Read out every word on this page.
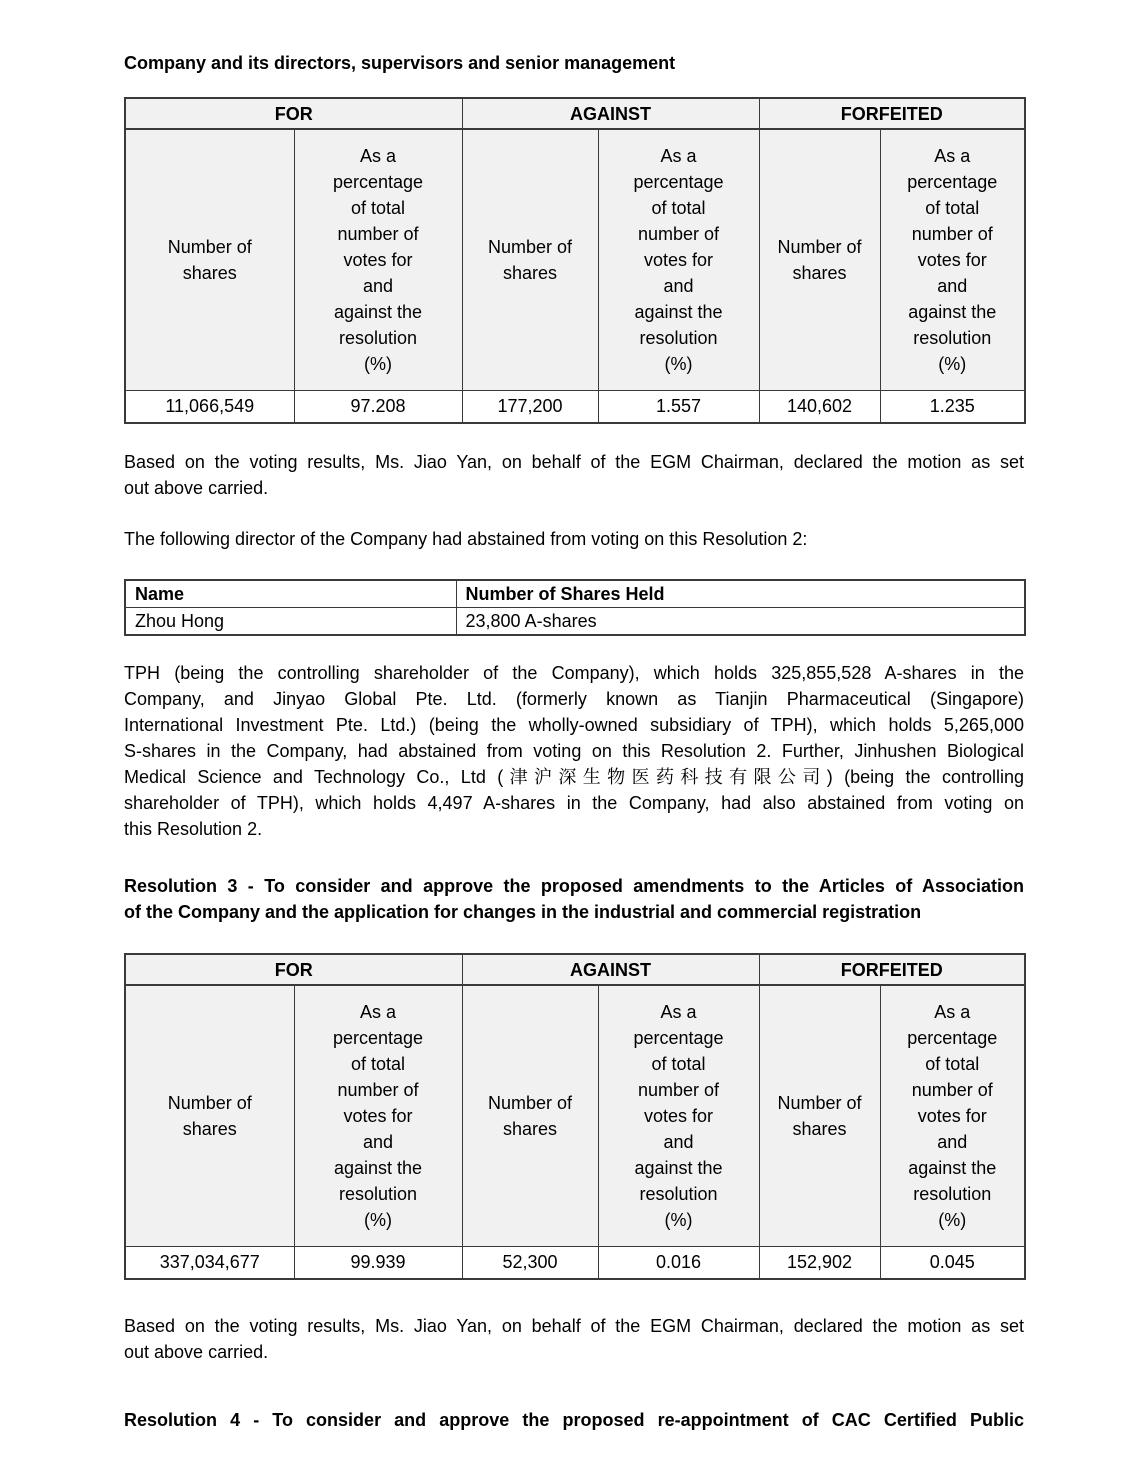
Company and its directors, supervisors and senior management
FOR		AGAINST		FORFEITED	

Number of
shares

As a
percentage
of total
number of
votes for
and
against the
resolution
(%)

Number of
shares

As a
percentage
of total
number of
votes for
and
against the
resolution
(%)

Number of
shares

As a
percentage
of total
number of
votes for
and
against the
resolution
(%)

11,066,549	97.208	177,200	1.557	140,602	1.235
Based on the voting results, Ms. Jiao Yan, on behalf of the EGM Chairman, declared the motion as set
out above carried.
The following director of the Company had abstained from voting on this Resolution 2:
Name	Number of Shares Held
Zhou Hong	23,800 A-shares
TPH (being the controlling shareholder of the Company), which holds 325,855,528 A-shares in the
Company, and Jinyao Global Pte. Ltd. (formerly known as Tianjin Pharmaceutical (Singapore)
International Investment Pte. Ltd.) (being the wholly-owned subsidiary of TPH), which holds 5,265,000
S-shares in the Company, had abstained from voting on this Resolution 2. Further, Jinhushen Biological
Medical Science and Technology Co., Ltd (津沪深生物医药科技有限公司) (being the controlling
shareholder of TPH), which holds 4,497 A-shares in the Company, had also abstained from voting on
this Resolution 2.
Resolution 3 - To consider and approve the proposed amendments to the Articles of Association
of the Company and the application for changes in the industrial and commercial registration
FOR		AGAINST		FORFEITED	

Number of
shares

As a
percentage
of total
number of
votes for
and
against the
resolution
(%)

Number of
shares

As a
percentage
of total
number of
votes for
and
against the
resolution
(%)

Number of
shares

As a
percentage
of total
number of
votes for
and
against the
resolution
(%)

337,034,677	99.939	52,300	0.016	152,902	0.045
Based on the voting results, Ms. Jiao Yan, on behalf of the EGM Chairman, declared the motion as set
out above carried.
Resolution 4 - To consider and approve the proposed re-appointment of CAC Certified Public
